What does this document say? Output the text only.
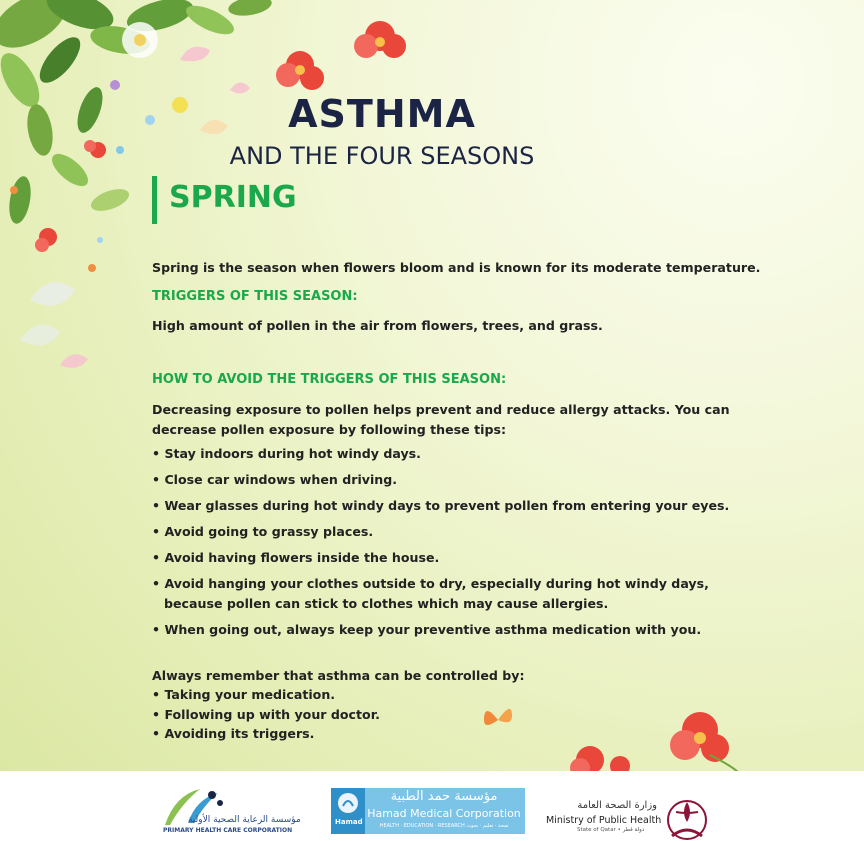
ASTHMA
AND THE FOUR SEASONS
SPRING
Spring is the season when flowers bloom and is known for its moderate temperature.
TRIGGERS OF THIS SEASON:
High amount of pollen in the air from flowers, trees, and grass.
HOW TO AVOID THE TRIGGERS OF THIS SEASON:
Decreasing exposure to pollen helps prevent and reduce allergy attacks. You can decrease pollen exposure by following these tips:
• Stay indoors during hot windy days.
• Close car windows when driving.
• Wear glasses during hot windy days to prevent pollen from entering your eyes.
• Avoid going to grassy places.
• Avoid having flowers inside the house.
• Avoid hanging your clothes outside to dry, especially during hot windy days, because pollen can stick to clothes which may cause allergies.
• When going out, always keep your preventive asthma medication with you.
Always remember that asthma can be controlled by:
• Taking your medication.
• Following up with your doctor.
• Avoiding its triggers.
مؤسسة الرعاية الصحية الأولية
PRIMARY HEALTH CARE CORPORATION
Hamad
مؤسسة حمد الطبية
Hamad Medical Corporation
HEALTH · EDUCATION · RESEARCH صحة · تعليم · بحوث
وزارة الصحة العامة
Ministry of Public Health
State of Qatar • دولة قطر
